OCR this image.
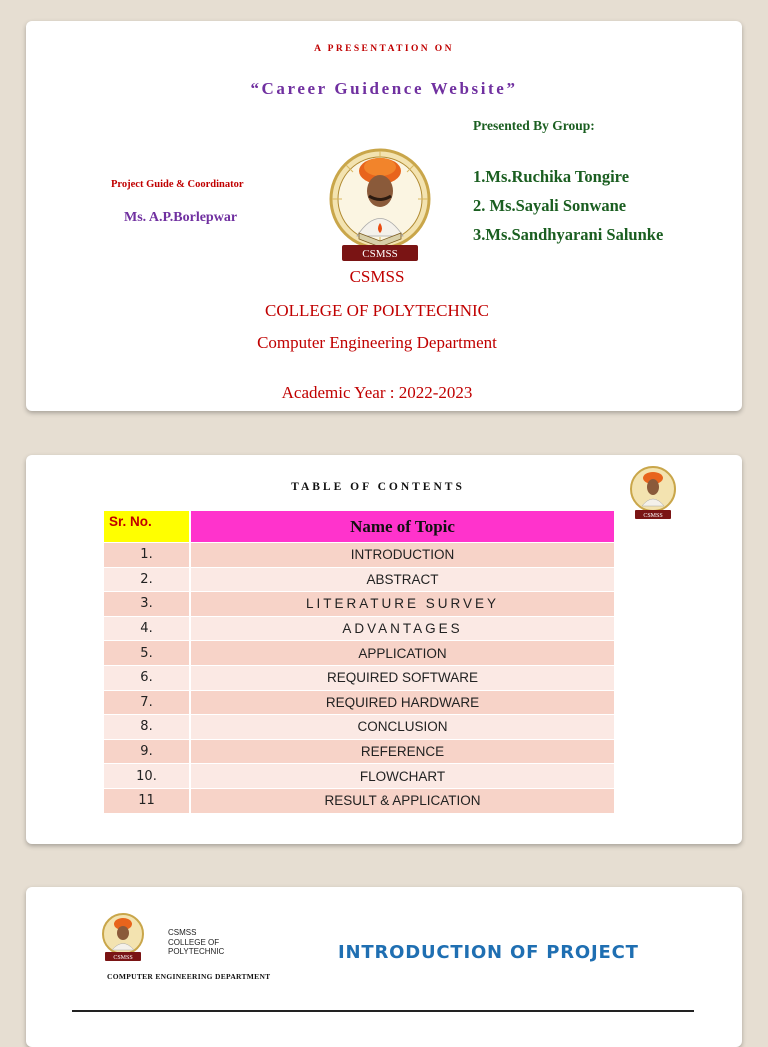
A PRESENTATION ON
“Career Guidence Website”
Presented By Group:
1.Ms.Ruchika Tongire
2. Ms.Sayali Sonwane
3.Ms.Sandhyarani Salunke
Project Guide & Coordinator
Ms. A.P.Borlepwar
CSMSS
CSMSS
COLLEGE OF POLYTECHNIC
Computer Engineering Department
Academic Year : 2022-2023
TABLE OF CONTENTS
CSMSS
Sr. No.	Name of Topic
1.	INTRODUCTION
2.	ABSTRACT
3.	LITERATURE SURVEY
4.	ADVANTAGES
5.	APPLICATION
6.	REQUIRED SOFTWARE
7.	REQUIRED HARDWARE
8.	CONCLUSION
9.	REFERENCE
10.	FLOWCHART
11	RESULT & APPLICATION
CSMSS
CSMSS
COLLEGE OF
POLYTECHNIC
COMPUTER ENGINEERING DEPARTMENT
INTRODUCTION OF PROJECT
